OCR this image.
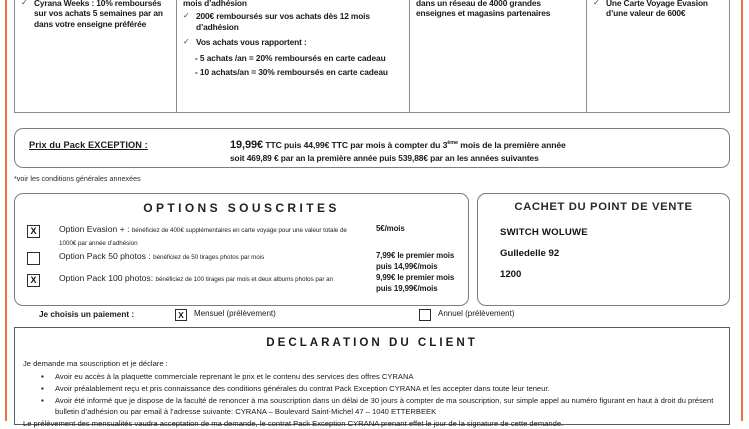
✓ Cyrana Weeks : 10% remboursés sur vos achats 5 semaines par an dans votre enseigne préférée
mois d’adhésion
✓ 200€ remboursés sur vos achats dès 12 mois d’adhésion
✓ Vos achats vous rapportent :
- 5 achats /an = 20% remboursés en carte cadeau
- 10 achats/an = 30% remboursés en carte cadeau
dans un réseau de 4000 grandes enseignes et magasins partenaires
✓ Une Carte Voyage Evasion d’une valeur de 600€
Prix du Pack EXCEPTION :	19,99€ TTC puis 44,99€ TTC par mois à compter du 3ème mois de la première année
soit 469,89 € par an la première année puis 539,88€ par an les années suivantes
*voir les conditions générales annexées
OPTIONS SOUSCRITES
X	Option Evasion + : bénéficiez de 400€ supplémentaires en carte voyage pour une valeur totale de 1000€ par année d’adhésion
5€/mois
Option Pack 50 photos : bénéficiez de 50 tirages photos par mois	7,99€ le premier mois
puis 14,99€/mois
X	Option Pack 100 photos: bénéficiez de 100 tirages par mois et deux albums photos par an	9,99€ le premier mois
puis 19,99€/mois
CACHET DU POINT DE VENTE
SWITCH WOLUWE
Gulledelle 92
1200
Je choisis un paiement :	X	Mensuel (prélèvement)	Annuel (prélèvement)
DECLARATION DU CLIENT
Je demande ma souscription et je déclare :
▪ Avoir eu accès à la plaquette commerciale reprenant le prix et le contenu des services des offres CYRANA
▪ Avoir préalablement reçu et pris connaissance des conditions générales du contrat Pack Exception CYRANA et les accepter dans toute leur teneur.
▪ Avoir été informé que je dispose de la faculté de renoncer à ma souscription dans un délai de 30 jours à compter de ma souscription, sur simple appel au numéro figurant en haut à droit du présent bulletin d’adhésion ou par email à l’adresse suivante: CYRANA – Boulevard Saint-Michel 47 – 1040 ETTERBEEK
Le prélèvement des mensualités vaudra acceptation de ma demande, le contrat Pack Exception CYRANA prenant effet le jour de la signature de cette demande.
